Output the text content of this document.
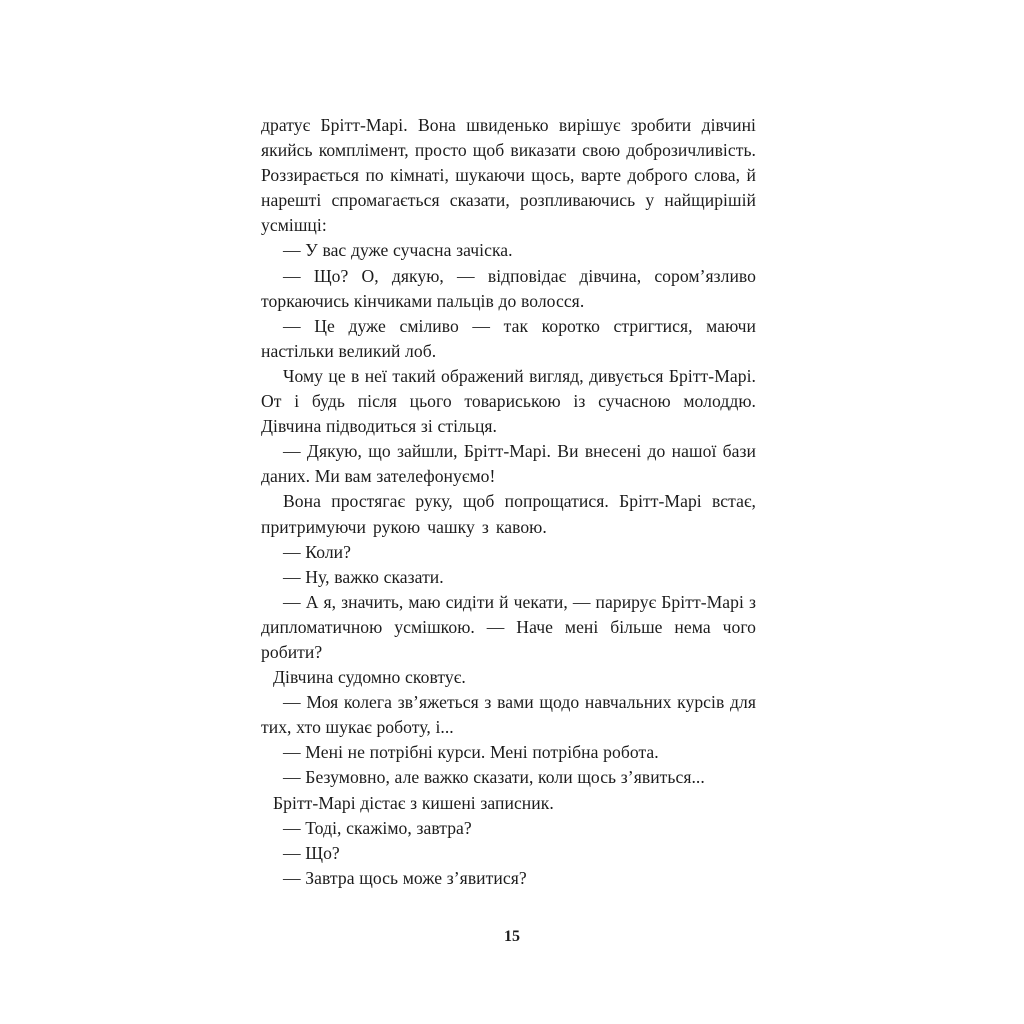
дратує Брітт-Марі. Вона швиденько вирішує зробити дівчині якийсь комплімент, просто щоб виказати свою доброзичливість. Роззирається по кімнаті, шукаючи щось, варте доброго слова, й нарешті спромагається сказати, розпливаючись у найщирішій усмішці:

— У вас дуже сучасна зачіска.

— Що? О, дякую, — відповідає дівчина, сором’язливо торкаючись кінчиками пальців до волосся.

— Це дуже сміливо — так коротко стригтися, маючи настільки великий лоб.

Чому це в неї такий ображений вигляд, дивується Брітт-Марі. От і будь після цього товариською із сучасною молоддю. Дівчина підводиться зі стільця.

— Дякую, що зайшли, Брітт-Марі. Ви внесені до нашої бази даних. Ми вам зателефонуємо!

Вона простягає руку, щоб попрощатися. Брітт-Марі встає, притримуючи рукою чашку з кавою.

— Коли?

— Ну, важко сказати.

— А я, значить, маю сидіти й чекати, — парирує Брітт-Марі з дипломатичною усмішкою. — Наче мені більше нема чого робити?

Дівчина судомно сковтує.

— Моя колега зв’яжеться з вами щодо навчальних курсів для тих, хто шукає роботу, і...

— Мені не потрібні курси. Мені потрібна робота.

— Безумовно, але важко сказати, коли щось з’явиться...

Брітт-Марі дістає з кишені записник.

— Тоді, скажімо, завтра?

— Що?

— Завтра щось може з’явитися?

15
